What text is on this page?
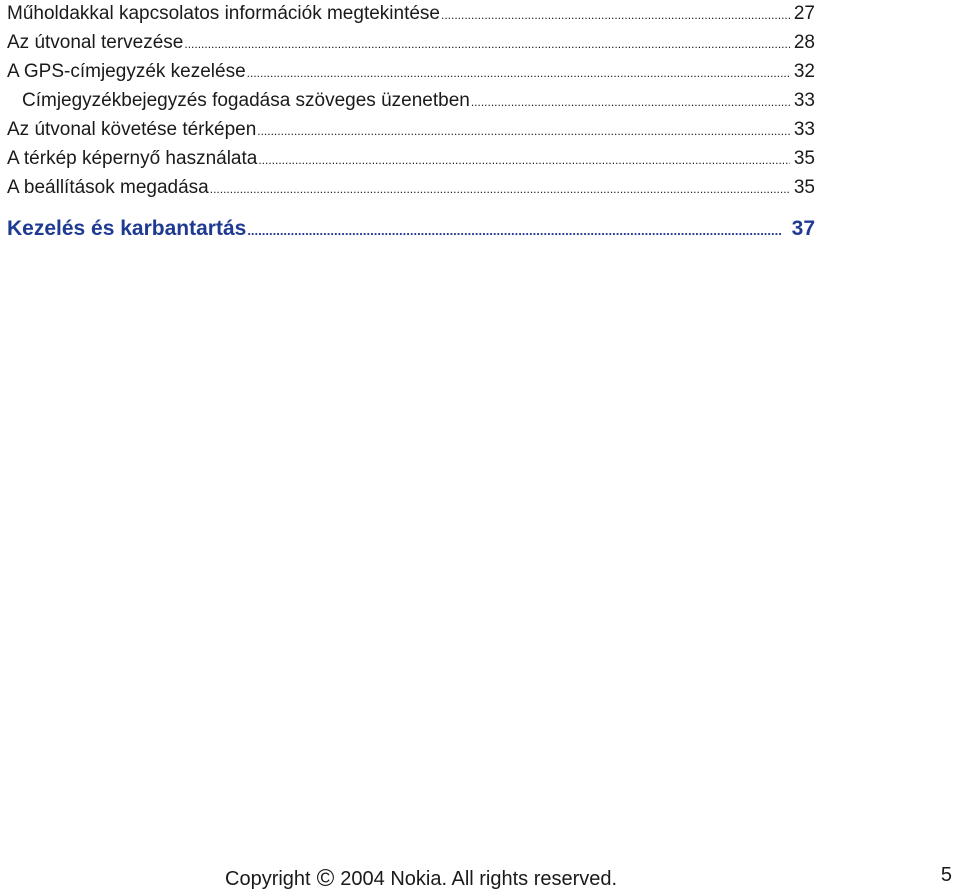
Műholdakkal kapcsolatos információk megtekintése .....	27
Az útvonal tervezése .....	28
A GPS-címjegyzék kezelése .....	32
Címjegyzékbejegyzés fogadása szöveges üzenetben .....	33
Az útvonal követése térképen .....	33
A térkép képernyő használata .....	35
A beállítások megadása .....	35
Kezelés és karbantartás .....	37
Copyright © 2004 Nokia. All rights reserved.	5
